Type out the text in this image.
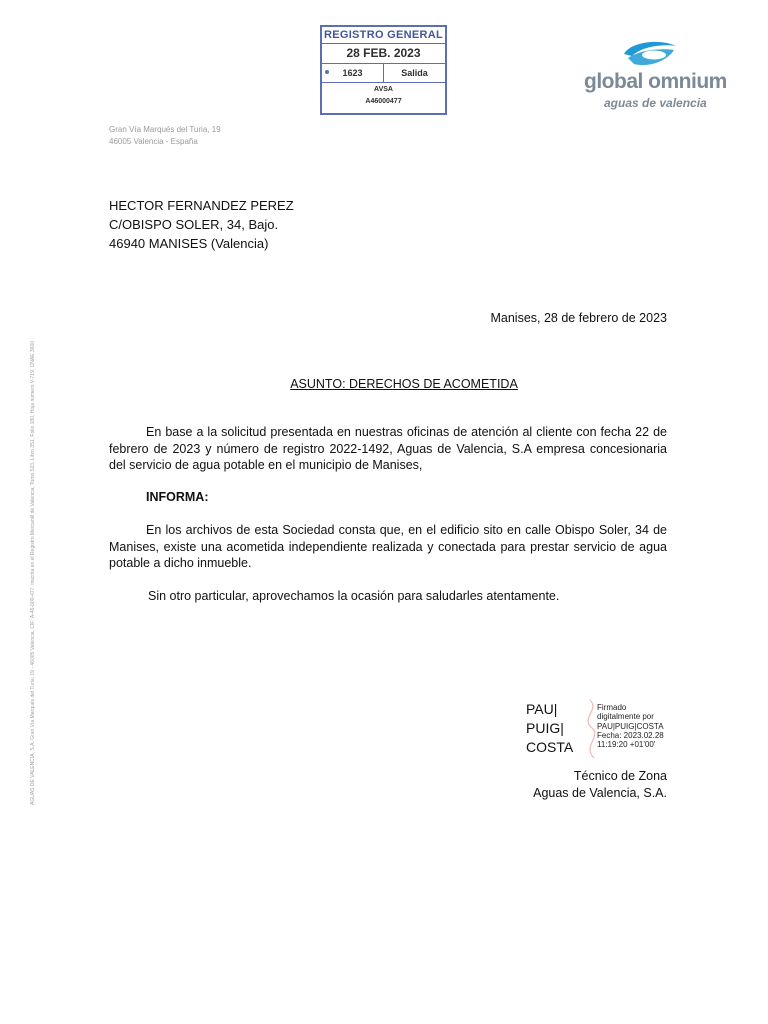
REGISTRO GENERAL
28 FEB. 2023
1623	Salida
AVSA
A46000477
global omnium
aguas de valencia
Gran Vía Marqués del Turia, 19
46005 Valencia - España
HECTOR FERNANDEZ PEREZ
C/OBISPO SOLER, 34, Bajo.
46940 MANISES (Valencia)
AGUAS DE VALENCIA, S.A. Gran Vía Marqués del Turia, 19 - 46005 Valencia. CIF: A-46-000-477. Inscrita en el Registro Mercantil de Valencia, Tomo 523, Libro 351, Folio 180, Hoja número V-719. CNAE 3600
Manises, 28 de febrero de 2023
ASUNTO: DERECHOS DE ACOMETIDA
En base a la solicitud presentada en nuestras oficinas de atención al cliente con fecha 22 de febrero de 2023 y número de registro 2022-1492, Aguas de Valencia, S.A empresa concesionaria del servicio de agua potable en el municipio de Manises,
INFORMA:
En los archivos de esta Sociedad consta que, en el edificio sito en calle Obispo Soler, 34 de Manises, existe una acometida independiente realizada y conectada para prestar servicio de agua potable a dicho inmueble.
Sin otro particular, aprovechamos la ocasión para saludarles atentamente.
PAU|
PUIG|
COSTA
Firmado
digitalmente por
PAU|PUIG|COSTA
Fecha: 2023.02.28
11:19:20 +01'00'
Técnico de Zona
Aguas de Valencia, S.A.
